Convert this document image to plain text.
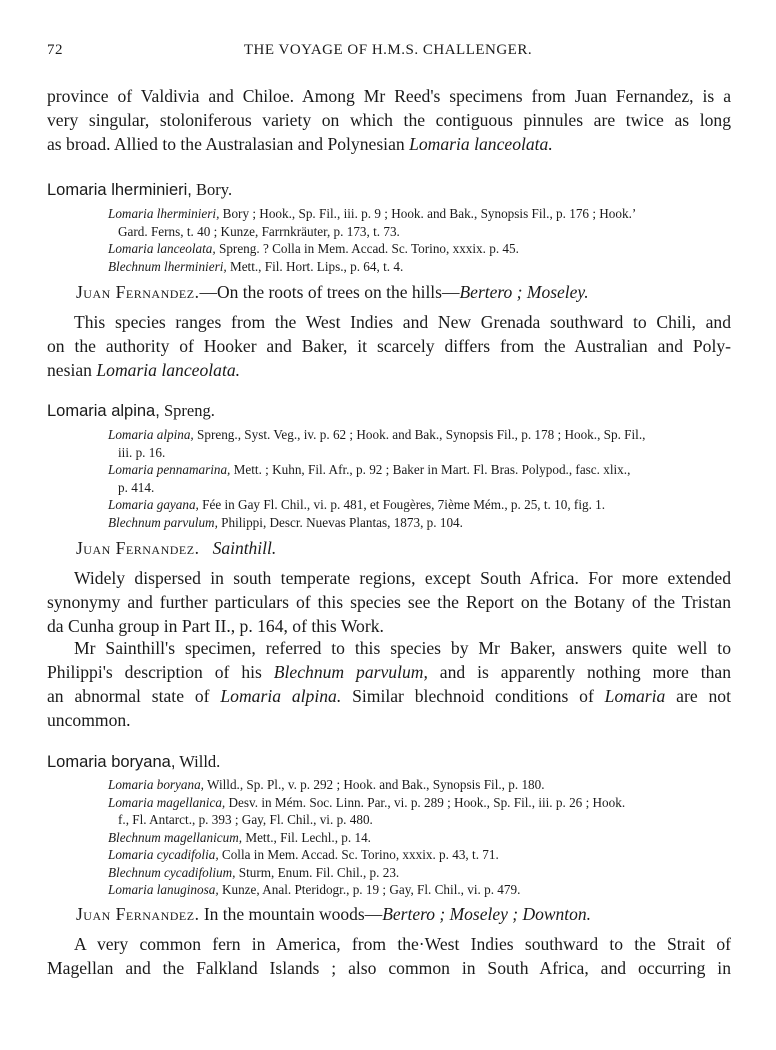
72	THE VOYAGE OF H.M.S. CHALLENGER.
province of Valdivia and Chiloe. Among Mr Reed's specimens from Juan Fernandez, is a
very singular, stoloniferous variety on which the contiguous pinnules are twice as long
as broad. Allied to the Australasian and Polynesian Lomaria lanceolata.
Lomaria lherminieri, Bory.
Lomaria lherminieri, Bory ; Hook., Sp. Fil., iii. p. 9 ; Hook. and Bak., Synopsis Fil., p. 176 ; Hook.’
Gard. Ferns, t. 40 ; Kunze, Farrnkräuter, p. 173, t. 73.
Lomaria lanceolata, Spreng. ? Colla in Mem. Accad. Sc. Torino, xxxix. p. 45.
Blechnum lherminieri, Mett., Fil. Hort. Lips., p. 64, t. 4.
Juan Fernandez.—On the roots of trees on the hills—Bertero ; Moseley.
This species ranges from the West Indies and New Grenada southward to Chili, and
on the authority of Hooker and Baker, it scarcely differs from the Australian and Poly-
nesian Lomaria lanceolata.
Lomaria alpina, Spreng.
Lomaria alpina, Spreng., Syst. Veg., iv. p. 62 ; Hook. and Bak., Synopsis Fil., p. 178 ; Hook., Sp. Fil.,
iii. p. 16.
Lomaria pennamarina, Mett. ; Kuhn, Fil. Afr., p. 92 ; Baker in Mart. Fl. Bras. Polypod., fasc. xlix.,
p. 414.
Lomaria gayana, Fée in Gay Fl. Chil., vi. p. 481, et Fougères, 7ième Mém., p. 25, t. 10, fig. 1.
Blechnum parvulum, Philippi, Descr. Nuevas Plantas, 1873, p. 104.
Juan Fernandez. Sainthill.
Widely dispersed in south temperate regions, except South Africa. For more extended
synonymy and further particulars of this species see the Report on the Botany of the Tristan
da Cunha group in Part II., p. 164, of this Work.
Mr Sainthill's specimen, referred to this species by Mr Baker, answers quite well to
Philippi's description of his Blechnum parvulum, and is apparently nothing more than
an abnormal state of Lomaria alpina. Similar blechnoid conditions of Lomaria are not
uncommon.
Lomaria boryana, Willd.
Lomaria boryana, Willd., Sp. Pl., v. p. 292 ; Hook. and Bak., Synopsis Fil., p. 180.
Lomaria magellanica, Desv. in Mém. Soc. Linn. Par., vi. p. 289 ; Hook., Sp. Fil., iii. p. 26 ; Hook.
f., Fl. Antarct., p. 393 ; Gay, Fl. Chil., vi. p. 480.
Blechnum magellanicum, Mett., Fil. Lechl., p. 14.
Lomaria cycadifolia, Colla in Mem. Accad. Sc. Torino, xxxix. p. 43, t. 71.
Blechnum cycadifolium, Sturm, Enum. Fil. Chil., p. 23.
Lomaria lanuginosa, Kunze, Anal. Pteridogr., p. 19 ; Gay, Fl. Chil., vi. p. 479.
Juan Fernandez. In the mountain woods—Bertero ; Moseley ; Downton.
A very common fern in America, from the·West Indies southward to the Strait of
Magellan and the Falkland Islands ; also common in South Africa, and occurring in
